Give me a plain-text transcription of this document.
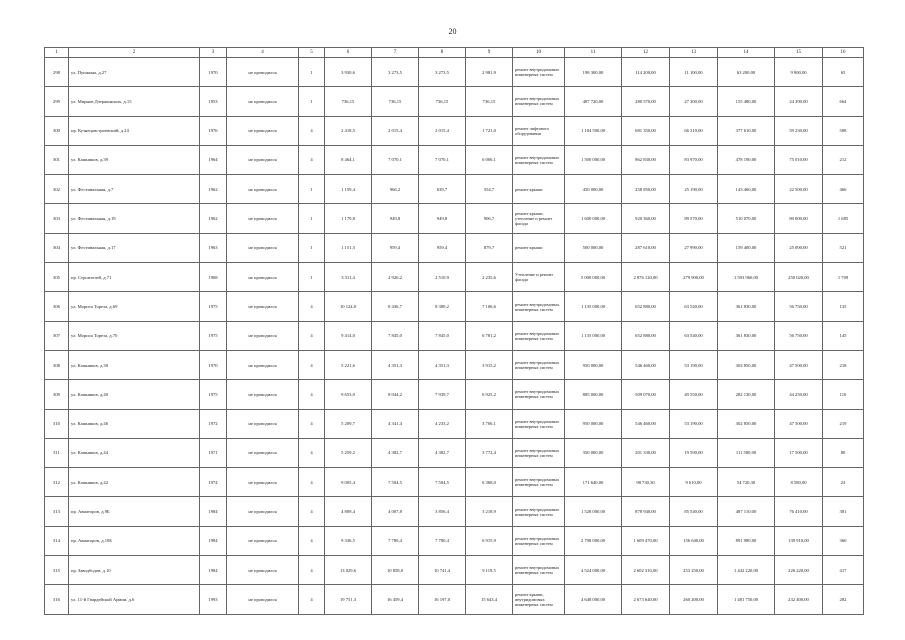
20
1	2	3	4	5	6	7	8	9	10	11	12	13	14	15	16
298	ул. Пушкина, д.27	1970	не проводился	1	3 930,6	3 273,5	3 273,5	2 981,9	ремонт внутридомовых инженерных систем	198 300,00	114 200,00	11 100,00	63 200,00	9 900,00	65
299	ул. Мирнов Дзержинских, д.15	1953	не проводился	1	736,15	736,15	736,15	736,15	ремонт внутридомовых инженерных систем	487 720,00	280 570,00	27 300,00	155 480,00	24 390,00	664
300	пр. Кузнецовстроевский, д.24	1976	не проводился	4	2 418,5	2 015,4	2 015,4	1 721,0	ремонт лифтового оборудования	1 184 500,00	681 350,00	66 310,00	377 610,00	59 230,00	588
301	ул. Кашников, д.39	1964	не проводился	4	8 464,1	7 070,1	7 070,1	6 006,1	ремонт внутридомовых инженерных систем	1 500 000,00	862 830,00	83 970,00	478 190,00	75 010,00	212
302	ул. Фестивальная, д.7	1962	не проводился	1	1 159,4	966,2	639,7	554,7	ремонт крыши	450 000,00	258 850,00	25 190,00	143 460,00	22 500,00	466
303	ул. Фестивальная, д.19	1962	не проводился	1	1 179,8	949,8	949,8	906,7	ремонт крыши, утепление и ремонт фасада	1 600 000,00	920 360,00	89 570,00	510 070,00	80 000,00	1 685
304	ул. Фестивальная, д.17	1963	не проводился	1	1 151,3	959,4	959,4	879,7	ремонт крыши	500 000,00	287 610,00	27 990,00	159 400,00	25 000,00	521
305	пр. Строителей, д.71	1968	не проводился	1	3 311,4	2 926,2	2 510,9	2 235,6	Утепление и ремонт фасада	5 000 000,00	2 876 120,00	279 900,00	1 593 960,00	250 020,00	1 709
306	ул. Мориса Тореза, д.69	1975	не проводился	4	10 124,0	8 436,7	8 380,2	7 106,6	ремонт внутридомовых инженерных систем	1 135 000,00	652 880,00	63 540,00	361 830,00	56 750,00	135
307	ул. Мориса Тореза, д.70	1975	не проводился	4	9 414,0	7 845,0	7 845,0	6 781,2	ремонт внутридомовых инженерных систем	1 135 000,00	652 880,00	63 540,00	361 830,00	56 750,00	145
308	ул. Кашников, д.30	1970	не проводился	4	5 221,6	4 351,3	4 351,3	3 915,2	ремонт внутридомовых инженерных систем	950 000,00	546 460,00	53 190,00	302 850,00	47 500,00	218
309	ул. Кашников, д.40	1975	не проводился	4	9 653,0	8 044,2	7 939,7	6 925,2	ремонт внутридомовых инженерных систем	885 000,00	509 070,00	49 550,00	282 130,00	44 250,00	110
310	ул. Кашников, д.46	1972	не проводился	4	5 209,7	4 341,4	4 233,2	3 706,1	ремонт внутридомовых инженерных систем	950 000,00	546 460,00	53 190,00	302 850,00	47 500,00	219
311	ул. Кашников, д.44	1971	не проводился	4	5 259,2	4 382,7	4 382,7	3 772,4	ремонт внутридомовых инженерных систем	350 000,00	201 330,00	19 590,00	111 580,00	17 500,00	80
312	ул. Кашников, д.42	1974	не проводился	4	9 005,4	7 504,5	7 504,5	6 368,0	ремонт внутридомовых инженерных систем	171 640,00	98 730,30	9 610,00	54 720,30	8 580,00	23
313	пр. Авиаторов, д.9Б	1984	не проводился	4	4 809,4	4 007,8	3 856,4	3 218,9	ремонт внутридомовых инженерных систем	1 528 000,00	878 940,00	85 540,00	487 110,00	76 410,00	381
314	пр. Авиаторов, д.10Б	1984	не проводился	4	9 336,5	7 780,4	7 780,4	6 915,9	ремонт внутридомовых инженерных систем	2 798 000,00	1 609 470,00	156 640,00	891 980,00	139 910,00	360
315	пр. Заводбодов, д.10	1984	не проводился	4	13 029,6	10 858,0	10 741,4	9 119,5	ремонт внутридомовых инженерных систем	4 524 000,00	2 602 310,00	253 250,00	1 442 220,00	226 220,00	417
316	ул. 11-й Гвардейской Армии, д.6	1993	не проводился	4	19 751,3	16 459,4	16 197,0	15 643,4	ремонт крыши, внутридомовых инженерных систем	4 648 000,00	2 673 640,00	260 200,00	1 481 750,00	232 400,00	282
